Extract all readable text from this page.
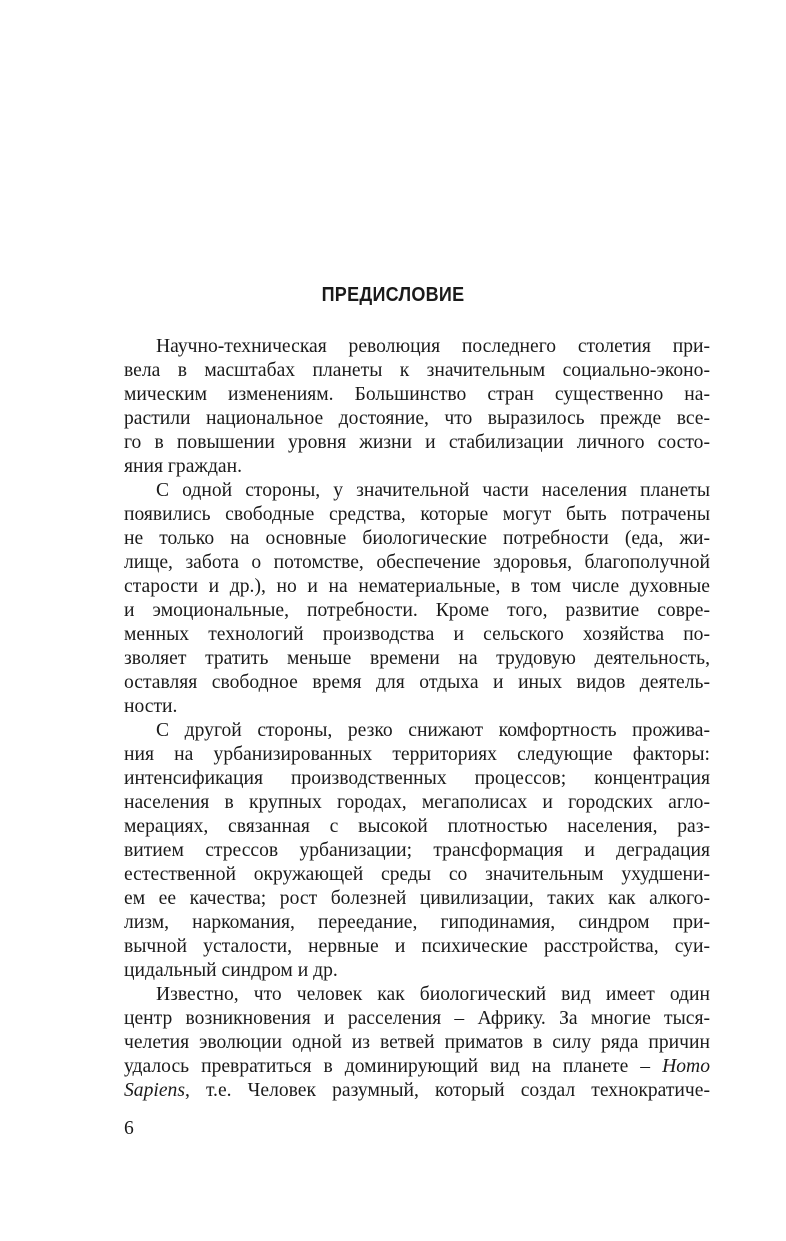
ПРЕДИСЛОВИЕ
Научно-техническая революция последнего столетия при-
вела в масштабах планеты к значительным социально-эконо-
мическим изменениям. Большинство стран существенно на-
растили национальное достояние, что выразилось прежде все-
го в повышении уровня жизни и стабилизации личного состо-
яния граждан.
С одной стороны, у значительной части населения планеты
появились свободные средства, которые могут быть потрачены
не только на основные биологические потребности (еда, жи-
лище, забота о потомстве, обеспечение здоровья, благополучной
старости и др.), но и на нематериальные, в том числе духовные
и эмоциональные, потребности. Кроме того, развитие совре-
менных технологий производства и сельского хозяйства по-
зволяет тратить меньше времени на трудовую деятельность,
оставляя свободное время для отдыха и иных видов деятель-
ности.
С другой стороны, резко снижают комфортность прожива-
ния на урбанизированных территориях следующие факторы:
интенсификация производственных процессов; концентрация
населения в крупных городах, мегаполисах и городских агло-
мерациях, связанная с высокой плотностью населения, раз-
витием стрессов урбанизации; трансформация и деградация
естественной окружающей среды со значительным ухудшени-
ем ее качества; рост болезней цивилизации, таких как алкого-
лизм, наркомания, переедание, гиподинамия, синдром при-
вычной усталости, нервные и психические расстройства, суи-
цидальный синдром и др.
Известно, что человек как биологический вид имеет один
центр возникновения и расселения – Африку. За многие тыся-
челетия эволюции одной из ветвей приматов в силу ряда причин
удалось превратиться в доминирующий вид на планете – Homo
Sapiens, т.е. Человек разумный, который создал технократиче-
6
